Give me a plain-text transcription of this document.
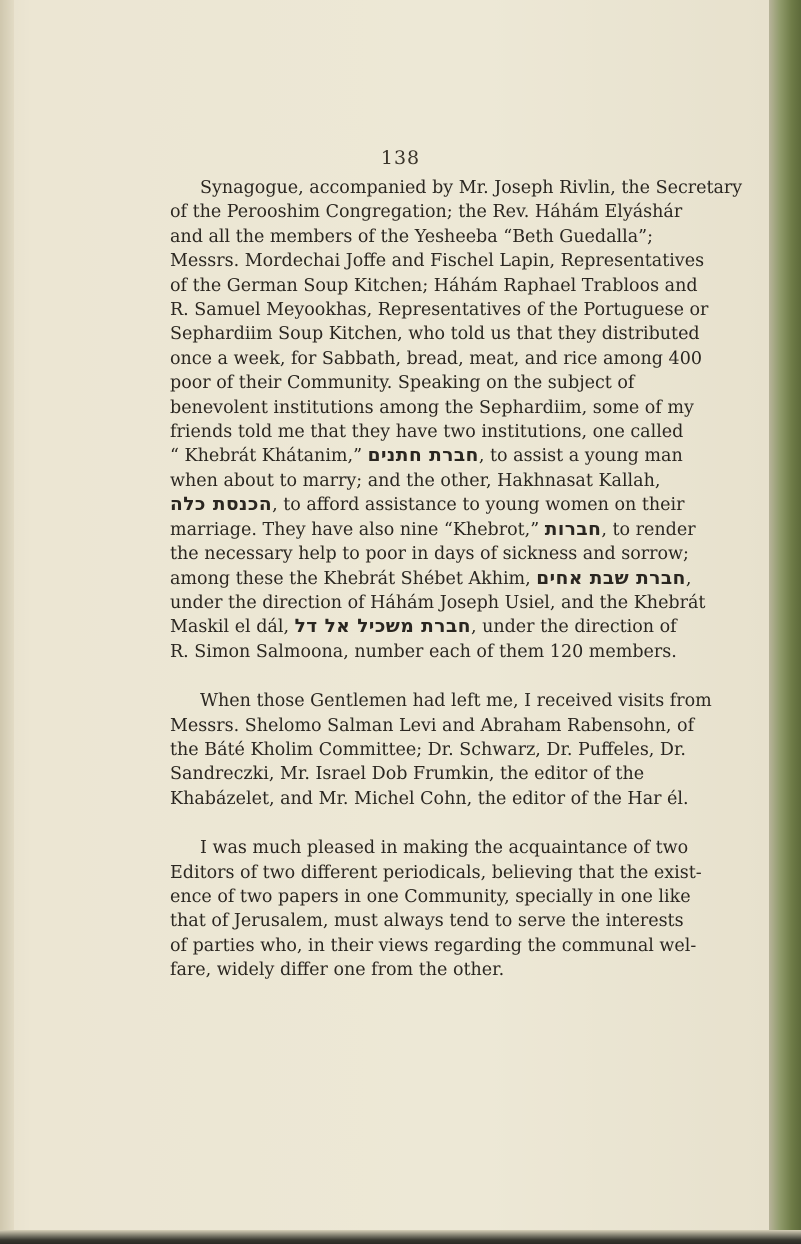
138
Synagogue, accompanied by Mr. Joseph Rivlin, the Secretary
of the Perooshim Congregation; the Rev. Háhám Elyáshár
and all the members of the Yesheeba “Beth Guedalla”;
Messrs. Mordechai Joffe and Fischel Lapin, Representatives
of the German Soup Kitchen; Háhám Raphael Trabloos and
R. Samuel Meyookhas, Representatives of the Portuguese or
Sephardiim Soup Kitchen, who told us that they distributed
once a week, for Sabbath, bread, meat, and rice among 400
poor of their Community. Speaking on the subject of
benevolent institutions among the Sephardiim, some of my
friends told me that they have two institutions, one called
“ Khebrát Khátanim,” חברת חתנים, to assist a young man
when about to marry; and the other, Hakhnasat Kallah,
הכנסת כלה, to afford assistance to young women on their
marriage. They have also nine “Khebrot,” חברות, to render
the necessary help to poor in days of sickness and sorrow;
among these the Khebrát Shébet Akhim, חברת שבת אחים,
under the direction of Háhám Joseph Usiel, and the Khebrát
Maskil el dál, חברת משכיל אל דל, under the direction of
R. Simon Salmoona, number each of them 120 members.
When those Gentlemen had left me, I received visits from
Messrs. Shelomo Salman Levi and Abraham Rabensohn, of
the Báté Kholim Committee; Dr. Schwarz, Dr. Puffeles, Dr.
Sandreczki, Mr. Israel Dob Frumkin, the editor of the
Khabázelet, and Mr. Michel Cohn, the editor of the Har él.
I was much pleased in making the acquaintance of two
Editors of two different periodicals, believing that the exist-
ence of two papers in one Community, specially in one like
that of Jerusalem, must always tend to serve the interests
of parties who, in their views regarding the communal wel-
fare, widely differ one from the other.
